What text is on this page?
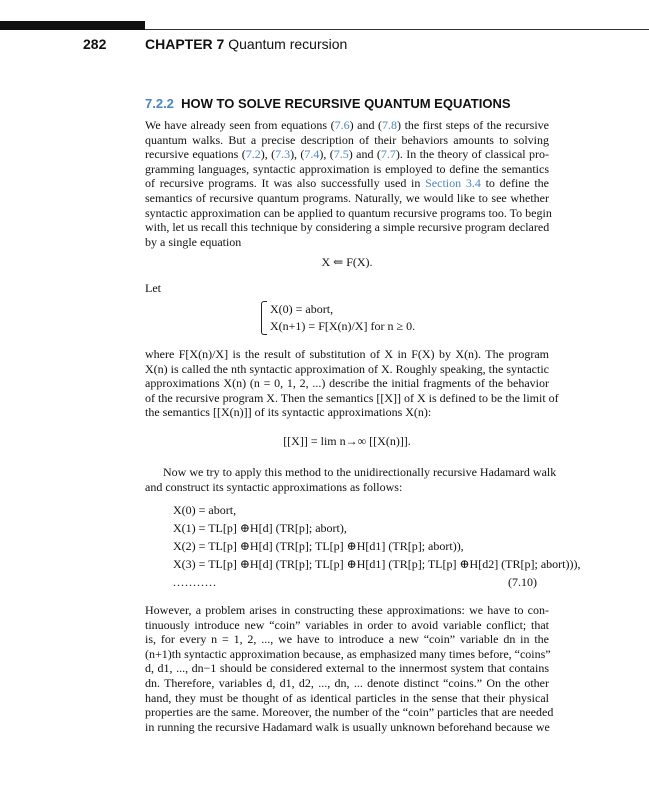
282	CHAPTER 7 Quantum recursion
7.2.2 HOW TO SOLVE RECURSIVE QUANTUM EQUATIONS
We have already seen from equations (7.6) and (7.8) the first steps of the recursive
quantum walks. But a precise description of their behaviors amounts to solving
recursive equations (7.2), (7.3), (7.4), (7.5) and (7.7). In the theory of classical pro-
gramming languages, syntactic approximation is employed to define the semantics
of recursive programs. It was also successfully used in Section 3.4 to define the
semantics of recursive quantum programs. Naturally, we would like to see whether
syntactic approximation can be applied to quantum recursive programs too. To begin
with, let us recall this technique by considering a simple recursive program declared
by a single equation
X ⇐ F(X).
Let
X(0) = abort,
X(n+1) = F[X(n)/X] for n ≥ 0.
where F[X(n)/X] is the result of substitution of X in F(X) by X(n). The program
X(n) is called the nth syntactic approximation of X. Roughly speaking, the syntactic
approximations X(n) (n = 0, 1, 2, ...) describe the initial fragments of the behavior
of the recursive program X. Then the semantics [[X]] of X is defined to be the limit of
the semantics [[X(n)]] of its syntactic approximations X(n):
[[X]] = lim n→∞ [[X(n)]].
Now we try to apply this method to the unidirectionally recursive Hadamard walk
and construct its syntactic approximations as follows:
X(0) = abort,
X(1) = TL[p] ⊕H[d] (TR[p]; abort),
X(2) = TL[p] ⊕H[d] (TR[p]; TL[p] ⊕H[d1] (TR[p]; abort)),
X(3) = TL[p] ⊕H[d] (TR[p]; TL[p] ⊕H[d1] (TR[p]; TL[p] ⊕H[d2] (TR[p]; abort))),
...........	(7.10)
However, a problem arises in constructing these approximations: we have to con-
tinuously introduce new “coin” variables in order to avoid variable conflict; that
is, for every n = 1, 2, ..., we have to introduce a new “coin” variable dn in the
(n+1)th syntactic approximation because, as emphasized many times before, “coins”
d, d1, ..., dn−1 should be considered external to the innermost system that contains
dn. Therefore, variables d, d1, d2, ..., dn, ... denote distinct “coins.” On the other
hand, they must be thought of as identical particles in the sense that their physical
properties are the same. Moreover, the number of the “coin” particles that are needed
in running the recursive Hadamard walk is usually unknown beforehand because we
